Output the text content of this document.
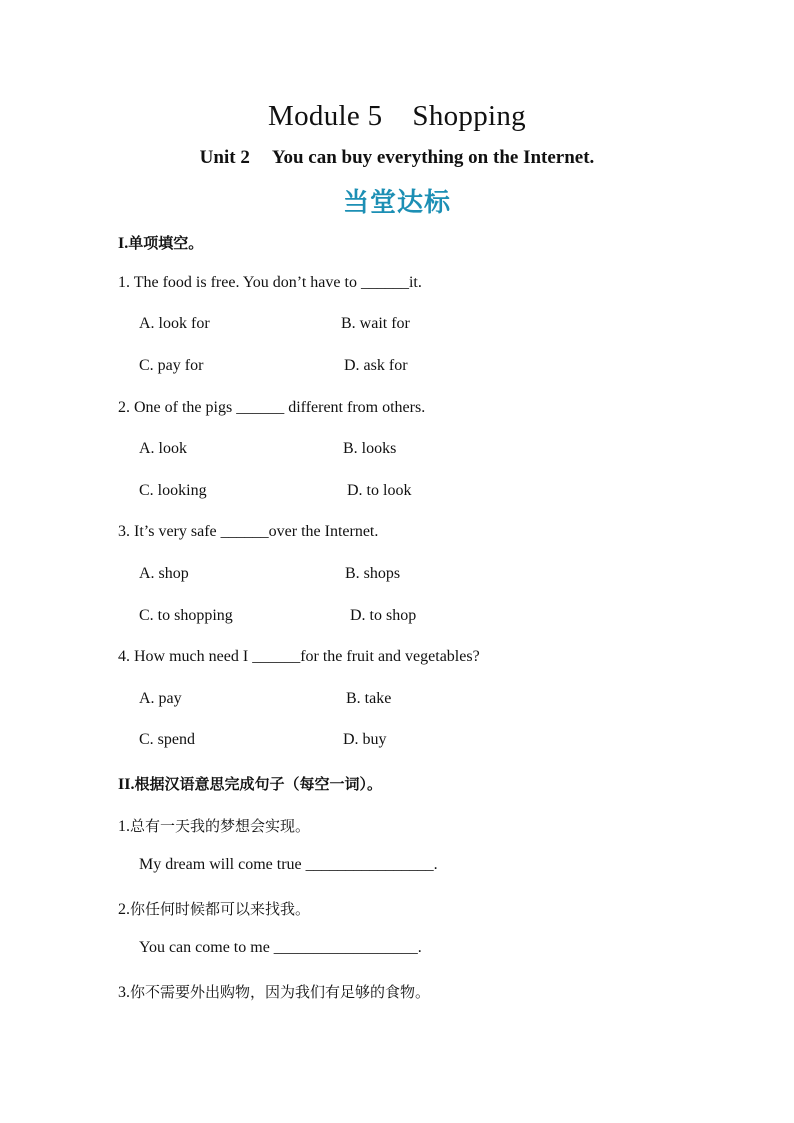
Module 5 Shopping
Unit 2 You can buy everything on the Internet.
当堂达标
I.单项填空。
1. The food is free. You don’t have to ______it.
A. look for	B. wait for
C. pay for	D. ask for
2. One of the pigs ______ different from others.
A. look	B. looks
C. looking	D. to look
3. It’s very safe ______over the Internet.
A. shop	B. shops
C. to shopping	D. to shop
4. How much need I ______for the fruit and vegetables?
A. pay	B. take
C. spend	D. buy
II.根据汉语意思完成句子（每空一词）。
1.总有一天我的梦想会实现。
My dream will come true ________________.
2.你任何时候都可以来找我。
You can come to me __________________.
3.你不需要外出购物，因为我们有足够的食物。
